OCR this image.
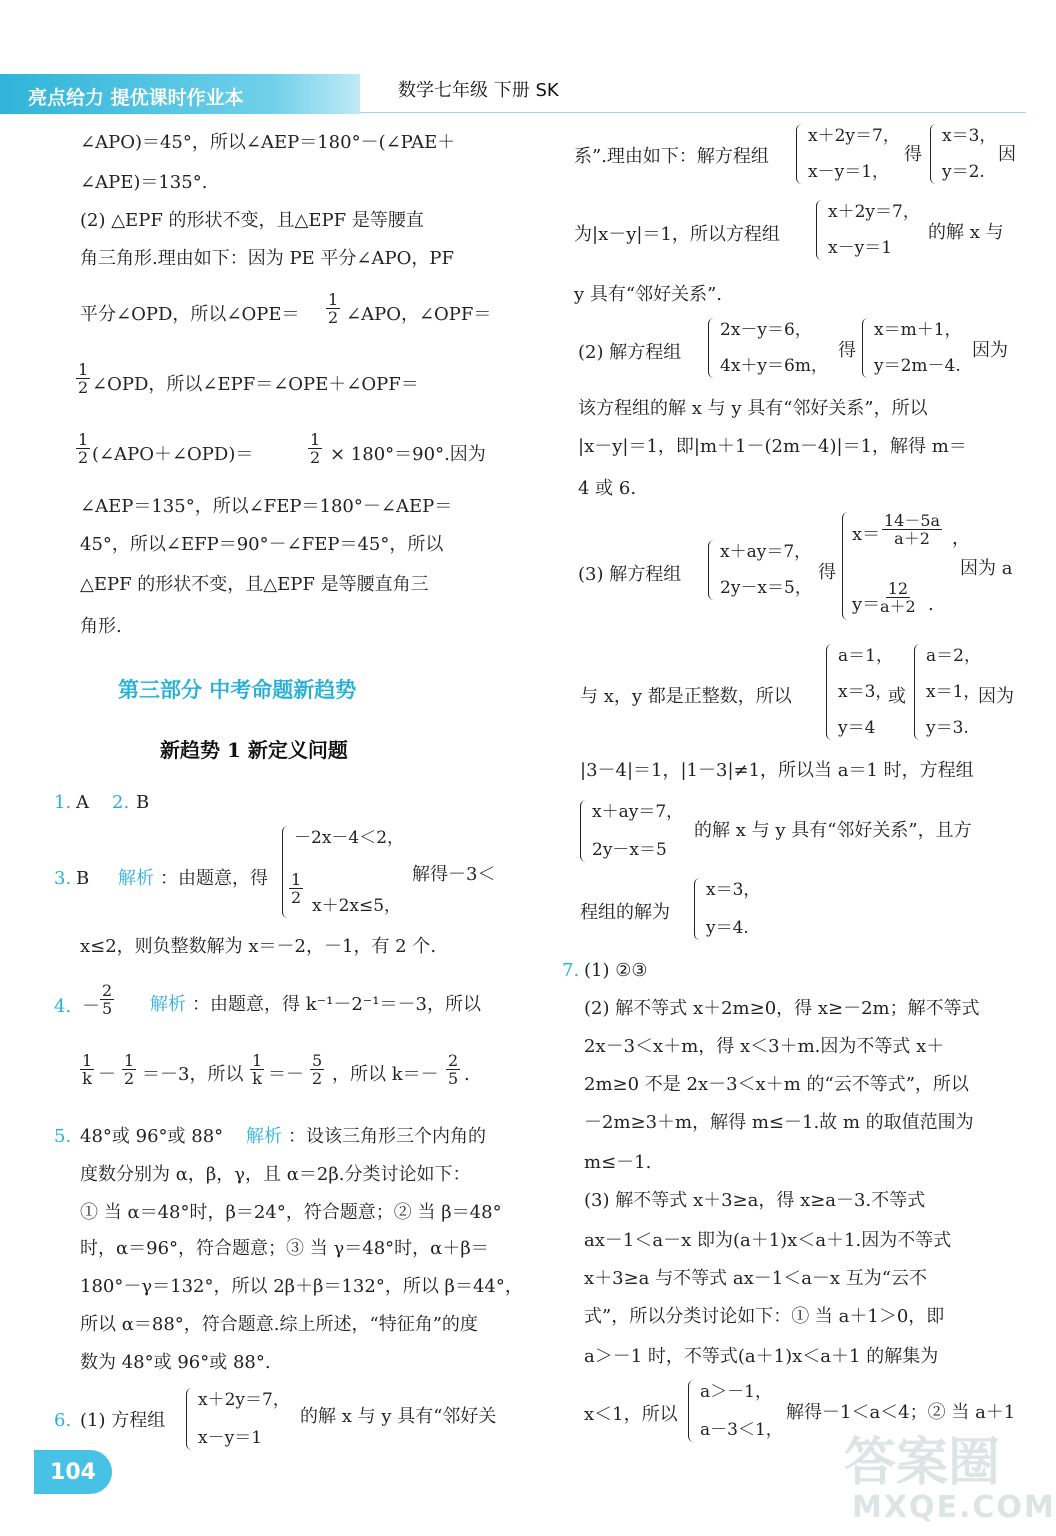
亮点给力 提优课时作业本	数学七年级 下册 SK
∠APO)＝45°，所以∠AEP＝180°－(∠PAE＋
∠APE)＝135°.
(2) △EPF 的形状不变，且△EPF 是等腰直
角三角形.理由如下：因为 PE 平分∠APO，PF
平分∠OPD，所以∠OPE＝ $\frac{1}{2}$ ∠APO，∠OPF＝
$\frac{1}{2}$ ∠OPD，所以∠EPF＝∠OPE＋∠OPF＝
$\frac{1}{2}$ (∠APO＋∠OPD)＝	$\frac{1}{2} \times 180^\circ=90^\circ$.因为
∠AEP＝135°，所以∠FEP＝180°－∠AEP＝
45°，所以∠EFP＝90°－∠FEP＝45°，所以
△EPF 的形状不变，且△EPF 是等腰直角三
角形.
第三部分 中考命题新趋势
新趋势 1 新定义问题
1. A 2. B
3. B 解析 ：由题意，得
－2x－4＜2，
x＋2x≤5，
$\frac{1}{2}$	解得－3＜
x≤2，则负整数解为 x＝－2，－1，有 2 个.
4. － $\frac{2}{5}$ 解析 ：由题意，得 k⁻¹－2⁻¹＝－3，所以
$\frac{1}{k} - \frac{1}{2} =-3$，所以 $\frac{1}{k} =- \frac{5}{2}$ ，所以 $k=- \frac{2}{5}$ .
5. 48°或 96°或 88° 解析 ：设该三角形三个内角的
度数分别为 α，β，γ，且 α＝2β.分类讨论如下：
① 当 α＝48°时，β＝24°，符合题意；② 当 β＝48°
时，α＝96°，符合题意；③ 当 γ＝48°时，α＋β＝
180°－γ＝132°，所以 2β＋β＝132°，所以 β＝44°，
所以 α＝88°，符合题意.综上所述，“特征角”的度
数为 48°或 96°或 88°.
6. (1) 方程组
x＋2y＝7，
x－y＝1
的解 x 与 y 具有“邻好关
系”.理由如下：解方程组
x＋2y＝7，
x－y＝1，
得
x＝3，
y＝2.
因
为|x－y|＝1，所以方程组
x＋2y＝7，
x－y＝1
的解 x 与
y 具有“邻好关系”.
(2) 解方程组
2x－y＝6，
4x＋y＝6m，
得
x＝m＋1，
y＝2m－4.
因为
该方程组的解 x 与 y 具有“邻好关系”，所以
|x－y|＝1，即|m＋1－(2m－4)|＝1，解得 m＝
4 或 6.
(3) 解方程组
x＋ay＝7，
2y－x＝5，
得
$x= \frac{14-5a}{a+2}$ ，
$y= \frac{12}{a+2}$ .
因为 a
与 x，y 都是正整数，所以
a＝1，
x＝3，
y＝4
或
a＝2，
x＝1，
y＝3.
因为
|3－4|＝1，|1－3|≠1，所以当 a＝1 时，方程组
x＋ay＝7，
2y－x＝5
的解 x 与 y 具有“邻好关系”，且方
程组的解为
x＝3，
y＝4.
7. (1) ②③
(2) 解不等式 x＋2m≥0，得 x≥－2m；解不等式
2x－3＜x＋m，得 x＜3＋m.因为不等式 x＋
2m≥0 不是 2x－3＜x＋m 的“云不等式”，所以
－2m≥3＋m，解得 m≤－1.故 m 的取值范围为
m≤－1.
(3) 解不等式 x＋3≥a，得 x≥a－3.不等式
ax－1＜a－x 即为(a＋1)x＜a＋1.因为不等式
x＋3≥a 与不等式 ax－1＜a－x 互为“云不
式”，所以分类讨论如下：① 当 a＋1＞0，即
a＞－1 时，不等式(a＋1)x＜a＋1 的解集为
x＜1，所以
a＞－1，
a－3＜1，
解得－1＜a＜4；② 当 a＋1
104	答案圈
MXQE.COM
